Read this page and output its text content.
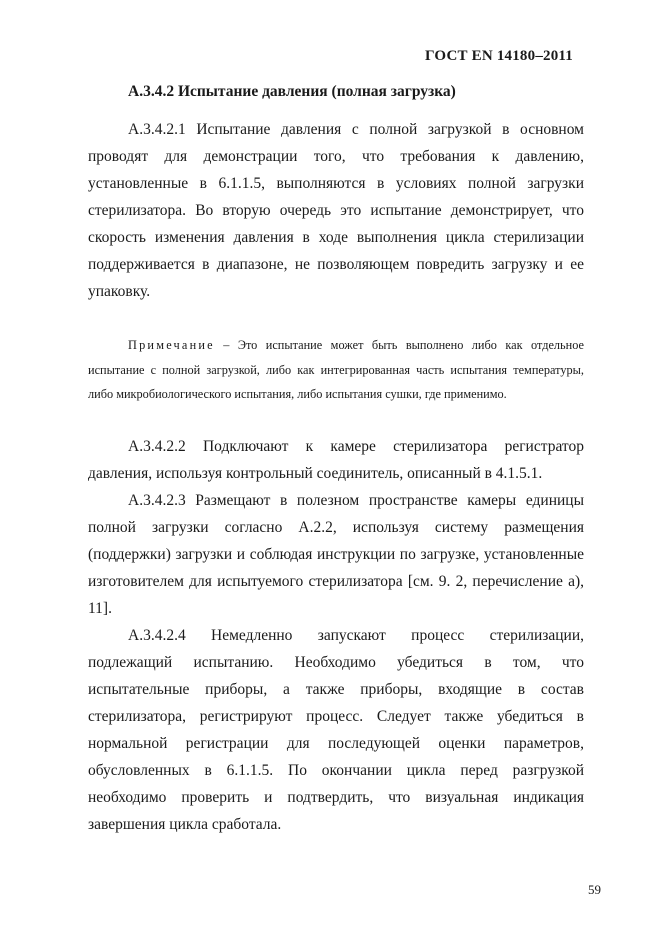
ГОСТ EN 14180–2011
А.3.4.2 Испытание давления (полная загрузка)

А.3.4.2.1 Испытание давления с полной загрузкой в основном проводят для демонстрации того, что требования к давлению, установленные в 6.1.1.5, выполняются в условиях полной загрузки стерилизатора. Во вторую очередь это испытание демонстрирует, что скорость изменения давления в ходе выполнения цикла стерилизации поддерживается в диапазоне, не позволяющем повредить загрузку и ее упаковку.

Примечание – Это испытание может быть выполнено либо как отдельное испытание с полной загрузкой, либо как интегрированная часть испытания температуры, либо микробиологического испытания, либо испытания сушки, где применимо.

А.3.4.2.2 Подключают к камере стерилизатора регистратор давления, используя контрольный соединитель, описанный в 4.1.5.1.

А.3.4.2.3 Размещают в полезном пространстве камеры единицы полной загрузки согласно А.2.2, используя систему размещения (поддержки) загрузки и соблюдая инструкции по загрузке, установленные изготовителем для испытуемого стерилизатора [см. 9. 2, перечисление а), 11].

А.3.4.2.4 Немедленно запускают процесс стерилизации, подлежащий испытанию. Необходимо убедиться в том, что испытательные приборы, а также приборы, входящие в состав стерилизатора, регистрируют процесс. Следует также убедиться в нормальной регистрации для последующей оценки параметров, обусловленных в 6.1.1.5. По окончании цикла перед разгрузкой необходимо проверить и подтвердить, что визуальная индикация завершения цикла сработала.

59
